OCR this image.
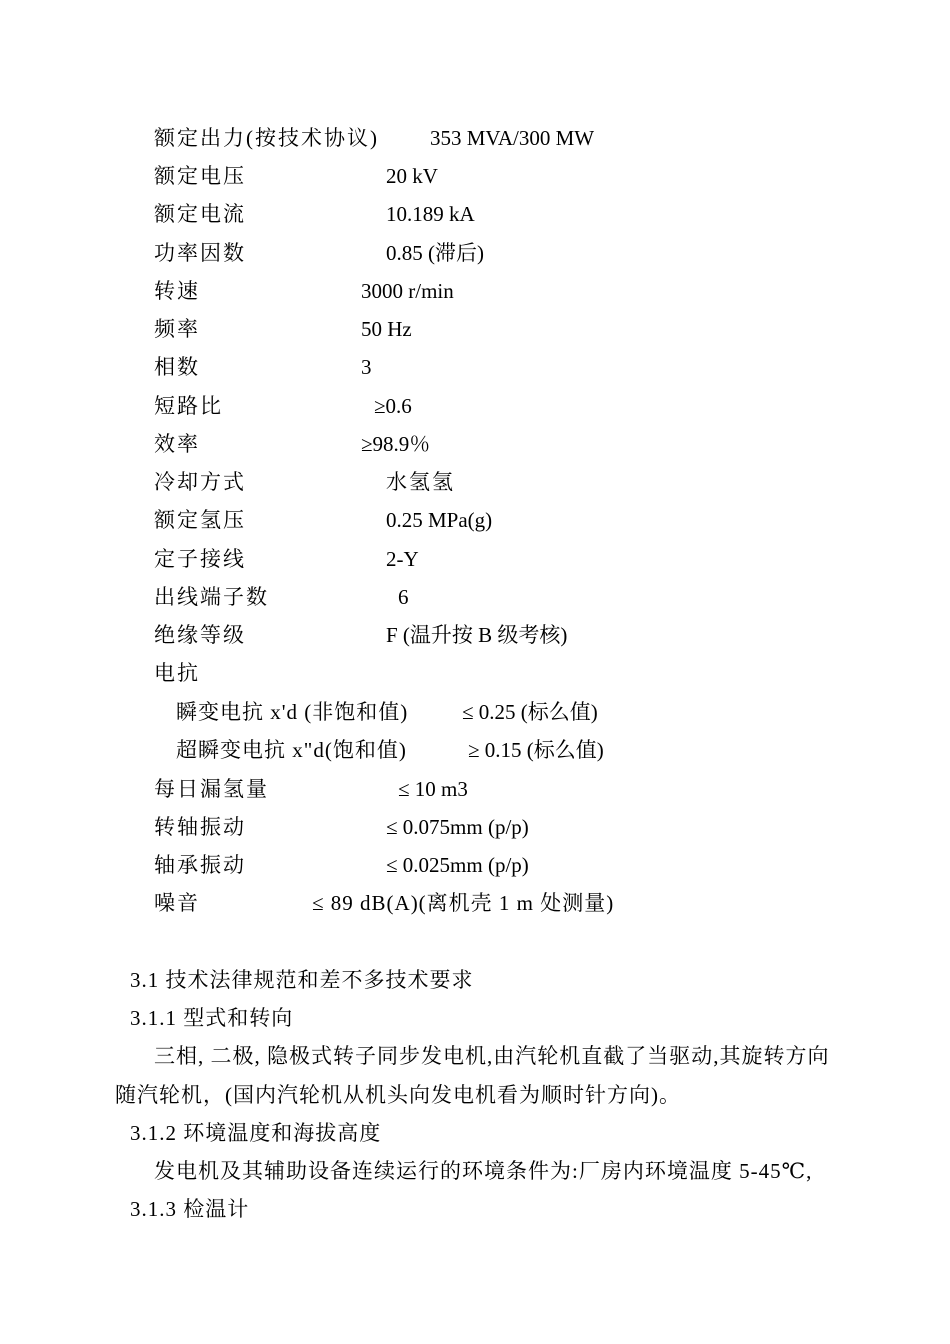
额定出力(按技术协议) 353 MVA/300 MW
额定电压	20 kV
额定电流	10.189 kA
功率因数	0.85 (滞后)
转速	3000 r/min
频率	50 Hz
相数	3
短路比	≥0.6
效率	≥98.9％
冷却方式	水氢氢
额定氢压	0.25 MPa(g)
定子接线	2-Y
出线端子数	6
绝缘等级	F (温升按 B 级考核)
电抗
瞬变电抗 x'd (非饱和值)	≤ 0.25 (标么值)
超瞬变电抗 x"d(饱和值)	≥ 0.15 (标么值)
每日漏氢量	≤ 10 m3
转轴振动	≤ 0.075mm (p/p)
轴承振动	≤ 0.025mm (p/p)
噪音	≤ 89 dB(A)(离机壳 1 m 处测量)
3.1 技术法律规范和差不多技术要求
3.1.1 型式和转向
三相, 二极, 隐极式转子同步发电机,由汽轮机直截了当驱动,其旋转方向
随汽轮机，(国内汽轮机从机头向发电机看为顺时针方向)。
3.1.2 环境温度和海拔高度
发电机及其辅助设备连续运行的环境条件为:厂房内环境温度 5-45℃,
3.1.3 检温计
